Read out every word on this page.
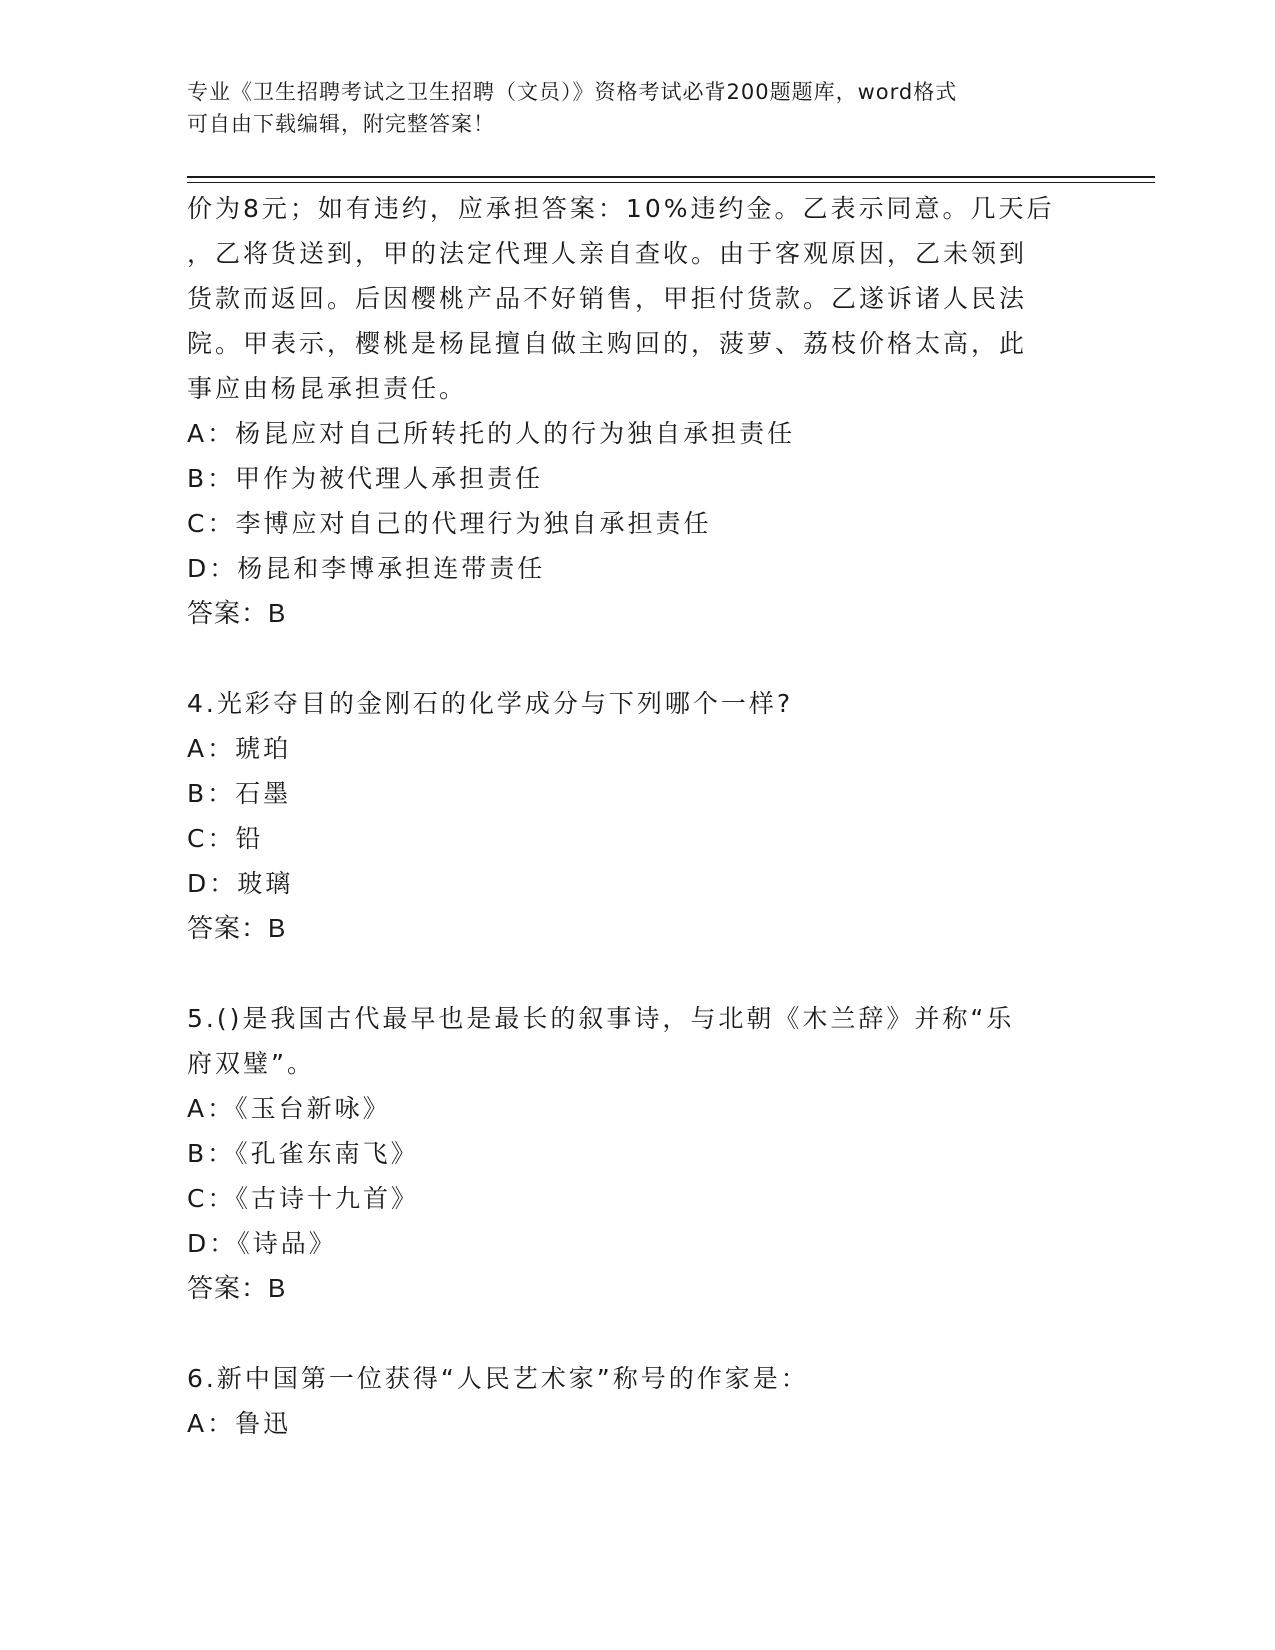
专业《卫生招聘考试之卫生招聘（文员）》资格考试必背200题题库，word格式
可自由下载编辑，附完整答案！
价为8元；如有违约，应承担答案：10%违约金。乙表示同意。几天后
，乙将货送到，甲的法定代理人亲自查收。由于客观原因，乙未领到
货款而返回。后因樱桃产品不好销售，甲拒付货款。乙遂诉诸人民法
院。甲表示，樱桃是杨昆擅自做主购回的，菠萝、荔枝价格太高，此
事应由杨昆承担责任。
A：杨昆应对自己所转托的人的行为独自承担责任
B：甲作为被代理人承担责任
C：李博应对自己的代理行为独自承担责任
D：杨昆和李博承担连带责任
答案：B
4.光彩夺目的金刚石的化学成分与下列哪个一样?
A：琥珀
B：石墨
C：铅
D：玻璃
答案：B
5.()是我国古代最早也是最长的叙事诗，与北朝《木兰辞》并称“乐
府双璧”。
A：《玉台新咏》
B：《孔雀东南飞》
C：《古诗十九首》
D：《诗品》
答案：B
6.新中国第一位获得“人民艺术家”称号的作家是：
A：鲁迅
